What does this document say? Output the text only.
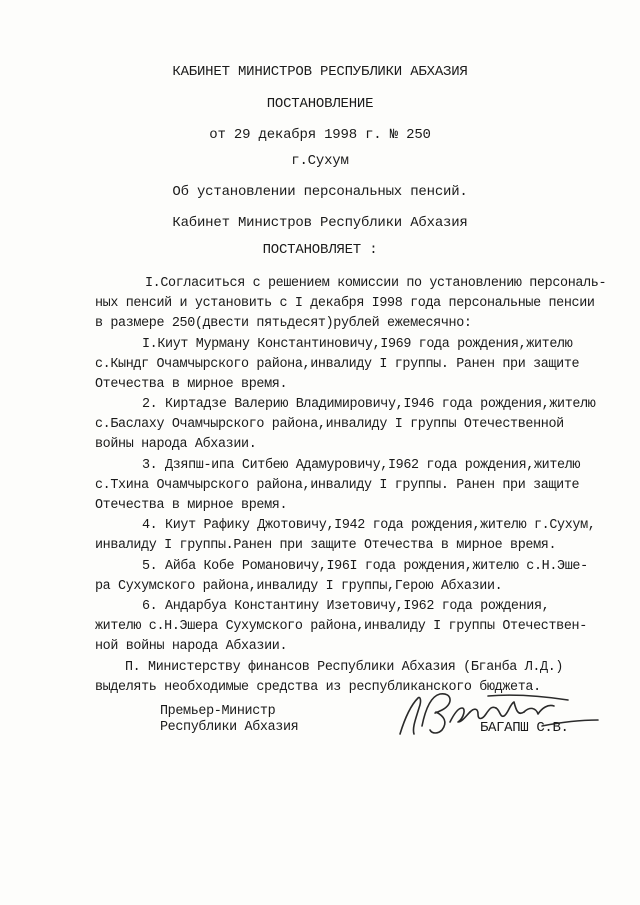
КАБИНЕТ МИНИСТРОВ РЕСПУБЛИКИ АБХАЗИЯ
ПОСТАНОВЛЕНИЕ
от 29 декабря 1998 г. № 250
г.Сухум
Об установлении персональных пенсий.
Кабинет Министров Республики Абхазия
ПОСТАНОВЛЯЕТ :
I.Согласиться с решением комиссии по установлению персональ-
ных пенсий и установить с I декабря I998 года персональные пенсии
в размере 250(двести пятьдесят)рублей ежемесячно:
I.Киут Мурману Константиновичу,I969 года рождения,жителю
с.Кындг Очамчырского района,инвалиду I группы. Ранен при защите
Отечества в мирное время.
2. Киртадзе Валерию Владимировичу,I946 года рождения,жителю
с.Баслаху Очамчырского района,инвалиду I группы Отечественной
войны народа Абхазии.
3. Дзяпш-ипа Ситбею Адамуровичу,I962 года рождения,жителю
с.Тхина Очамчырского района,инвалиду I группы. Ранен при защите
Отечества в мирное время.
4. Киут Рафику Джотовичу,I942 года рождения,жителю г.Сухум,
инвалиду I группы.Ранен при защите Отечества в мирное время.
5. Айба Кобе Романовичу,I96I года рождения,жителю с.Н.Эше-
ра Сухумского района,инвалиду I группы,Герою Абхазии.
6. Андарбуа Константину Изетовичу,I962 года рождения,
жителю с.Н.Эшера Сухумского района,инвалиду I группы Отечествен-
ной войны народа Абхазии.
П. Министерству финансов Республики Абхазия (Бганба Л.Д.)
выделять необходимые средства из республиканского бюджета.
Премьер-Министр
Республики Абхазия	БАГАПШ С.В.
